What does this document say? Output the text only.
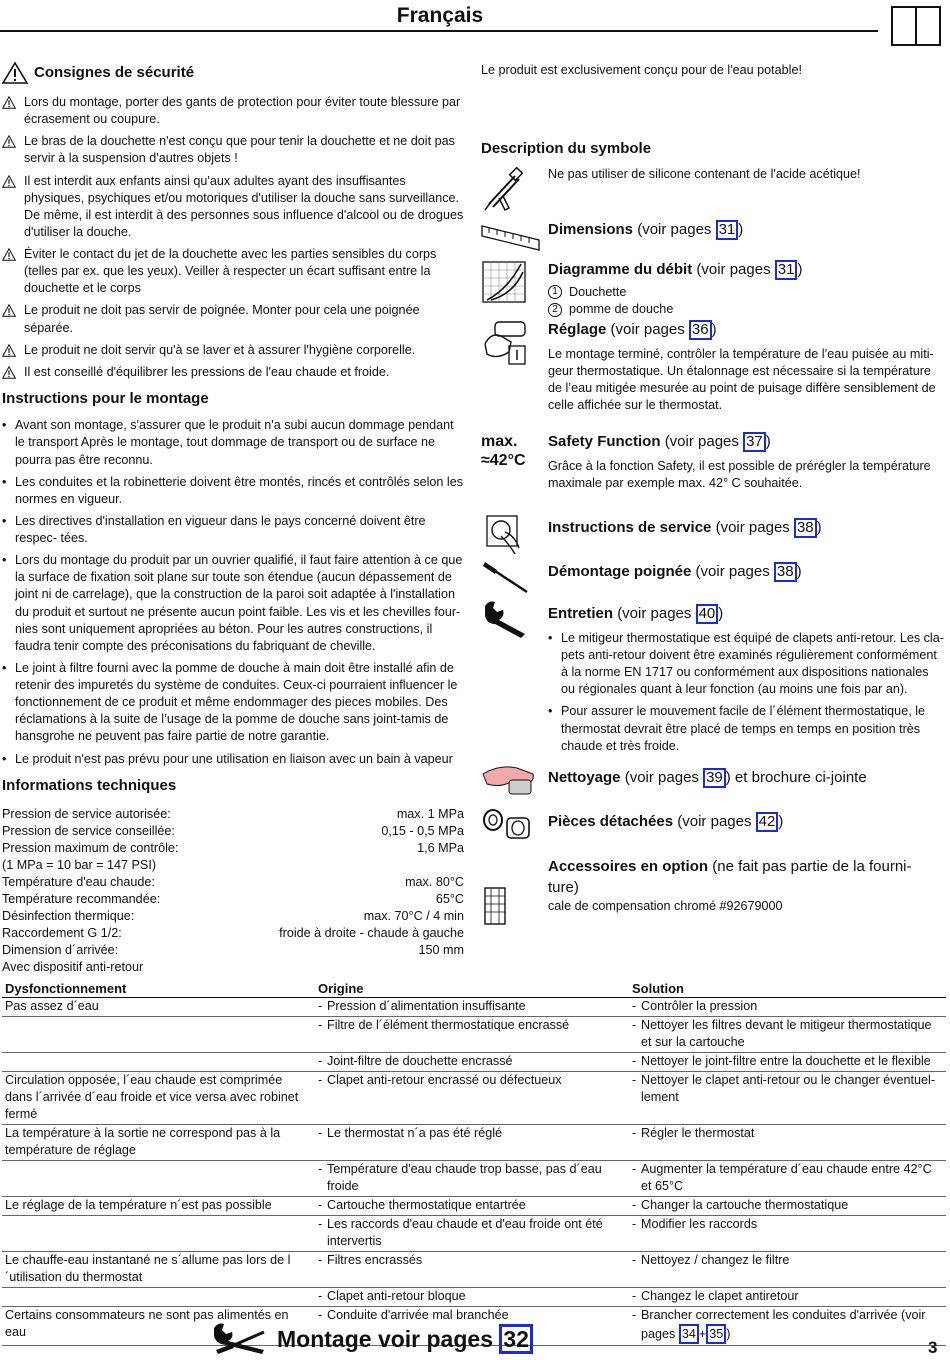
Français
Consignes de sécurité
Lors du montage, porter des gants de protection pour éviter toute blessure par écrasement ou coupure.
Le bras de la douchette n'est conçu que pour tenir la douchette et ne doit pas servir à la suspension d'autres objets !
Il est interdit aux enfants ainsi qu'aux adultes ayant des insuffisantes physiques, psychiques et/ou motoriques d'utiliser la douche sans surveillance. De même, il est interdit à des personnes sous influence d'alcool ou de drogues d'utiliser la douche.
Éviter le contact du jet de la douchette avec les parties sensibles du corps (telles par ex. que les yeux). Veiller à respecter un écart suffisant entre la douchette et le corps
Le produit ne doit pas servir de poignée. Monter pour cela une poignée séparée.
Le produit ne doit servir qu'à se laver et à assurer l'hygiène corporelle.
Il est conseillé d'équilibrer les pressions de l'eau chaude et froide.
Instructions pour le montage
• Avant son montage, s'assurer que le produit n'a subi aucun dommage pendant le transport Après le montage, tout dommage de transport ou de surface ne pourra pas être reconnu.
• Les conduites et la robinetterie doivent être montés, rincés et contrôlés selon les normes en vigueur.
• Les directives d'installation en vigueur dans le pays concerné doivent être respec- tées.
• Lors du montage du produit par un ouvrier qualifié, il faut faire attention à ce que la surface de fixation soit plane sur toute son étendue (aucun dépassement de joint ni de carrelage), que la construction de la paroi soit adaptée à l'installation du produit et surtout ne présente aucun point faible. Les vis et les chevilles four- nies sont uniquement apropriées au béton. Pour les autres constructions, il faudra tenir compte des préconisations du fabriquant de cheville.
• Le joint à filtre fourni avec la pomme de douche à main doit être installé afin de retenir des impuretés du système de conduites. Ceux-ci pourraient influencer le fonctionnement de ce produit et même endommager des pieces mobiles. Des réclamations à la suite de l’usage de la pomme de douche sans joint-tamis de hansgrohe ne peuvent pas faire partie de notre garantie.
• Le produit n'est pas prévu pour une utilisation en liaison avec un bain à vapeur
Informations techniques
Pression de service autorisée:	max. 1 MPa
Pression de service conseillée:	0,15 - 0,5 MPa
Pression maximum de contrôle:	1,6 MPa
(1 MPa = 10 bar = 147 PSI)	
Température d'eau chaude:	max. 80°C
Température recommandée:	65°C
Désinfection thermique:	max. 70°C / 4 min
Raccordement G 1/2:	froide à droite - chaude à gauche
Dimension d´arrivée:	150 mm
Avec dispositif anti-retour	
Le produit est exclusivement conçu pour de l'eau potable!
Description du symbole
Ne pas utiliser de silicone contenant de l'acide acétique!
Dimensions (voir pages 31 )
Diagramme du débit (voir pages 31 )
1 Douchette
2 pomme de douche
Réglage (voir pages 36 )
Le montage terminé, contrôler la température de l’eau puisée au miti- geur thermostatique. Un étalonnage est nécessaire si la température de l’eau mitigée mesurée au point de puisage diffère sensiblement de celle affichée sur le thermostat.
max.
≈42°C
Safety Function (voir pages 37 )
Grâce à la fonction Safety, il est possible de prérégler la température maximale par exemple max. 42° C souhaitée.
Instructions de service (voir pages 38 )
Démontage poignée (voir pages 38 )
Entretien (voir pages 40 )
• Le mitigeur thermostatique est équipé de clapets anti-retour. Les cla- pets anti-retour doivent être examinés régulièrement conformément à la norme EN 1717 ou conformément aux dispositions nationales ou régionales quant à leur fonction (au moins une fois par an).
• Pour assurer le mouvement facile de l´élément thermostatique, le thermostat devrait être placé de temps en temps en position très chaude et très froide.
Nettoyage (voir pages 39 ) et brochure ci-jointe
Pièces détachées (voir pages 42 )
Accessoires en option (ne fait pas partie de la fourni- ture)
cale de compensation chromé #92679000
Dysfonctionnement	Origine	Solution
Pas assez d´eau	- Pression d´alimentation insuffisante	- Contrôler la pression

	- Filtre de l´élément thermostatique encrassé	- Nettoyer les filtres devant le mitigeur thermostatique et sur la cartouche

	- Joint-filtre de douchette encrassé	- Nettoyer le joint-filtre entre la douchette et le flexible

Circulation opposée, l´eau chaude est comprimée dans l´arrivée d´eau froide et vice versa avec robinet fermé	- Clapet anti-retour encrassé ou défectueux	- Nettoyer le clapet anti-retour ou le changer éventuel- lement

La température à la sortie ne correspond pas à la température de réglage	- Le thermostat n´a pas été réglé	- Régler le thermostat

	- Température d'eau chaude trop basse, pas d´eau froide	- Augmenter la température d´eau chaude entre 42°C et 65°C

Le réglage de la température n´est pas possible	- Cartouche thermostatique entartrée	- Changer la cartouche thermostatique

	- Les raccords d'eau chaude et d'eau froide ont été intervertis	- Modifier les raccords

Le chauffe-eau instantané ne s´allume pas lors de l´utilisation du thermostat	- Filtres encrassés	- Nettoyez / changez le filtre

	- Clapet anti-retour bloque	- Changez le clapet antiretour

Certains consommateurs ne sont pas alimentés en eau	- Conduite d'arrivée mal branchée	- Brancher correctement les conduites d'arrivée (voir pages 34 + 35 )
Montage voir pages 32	3
